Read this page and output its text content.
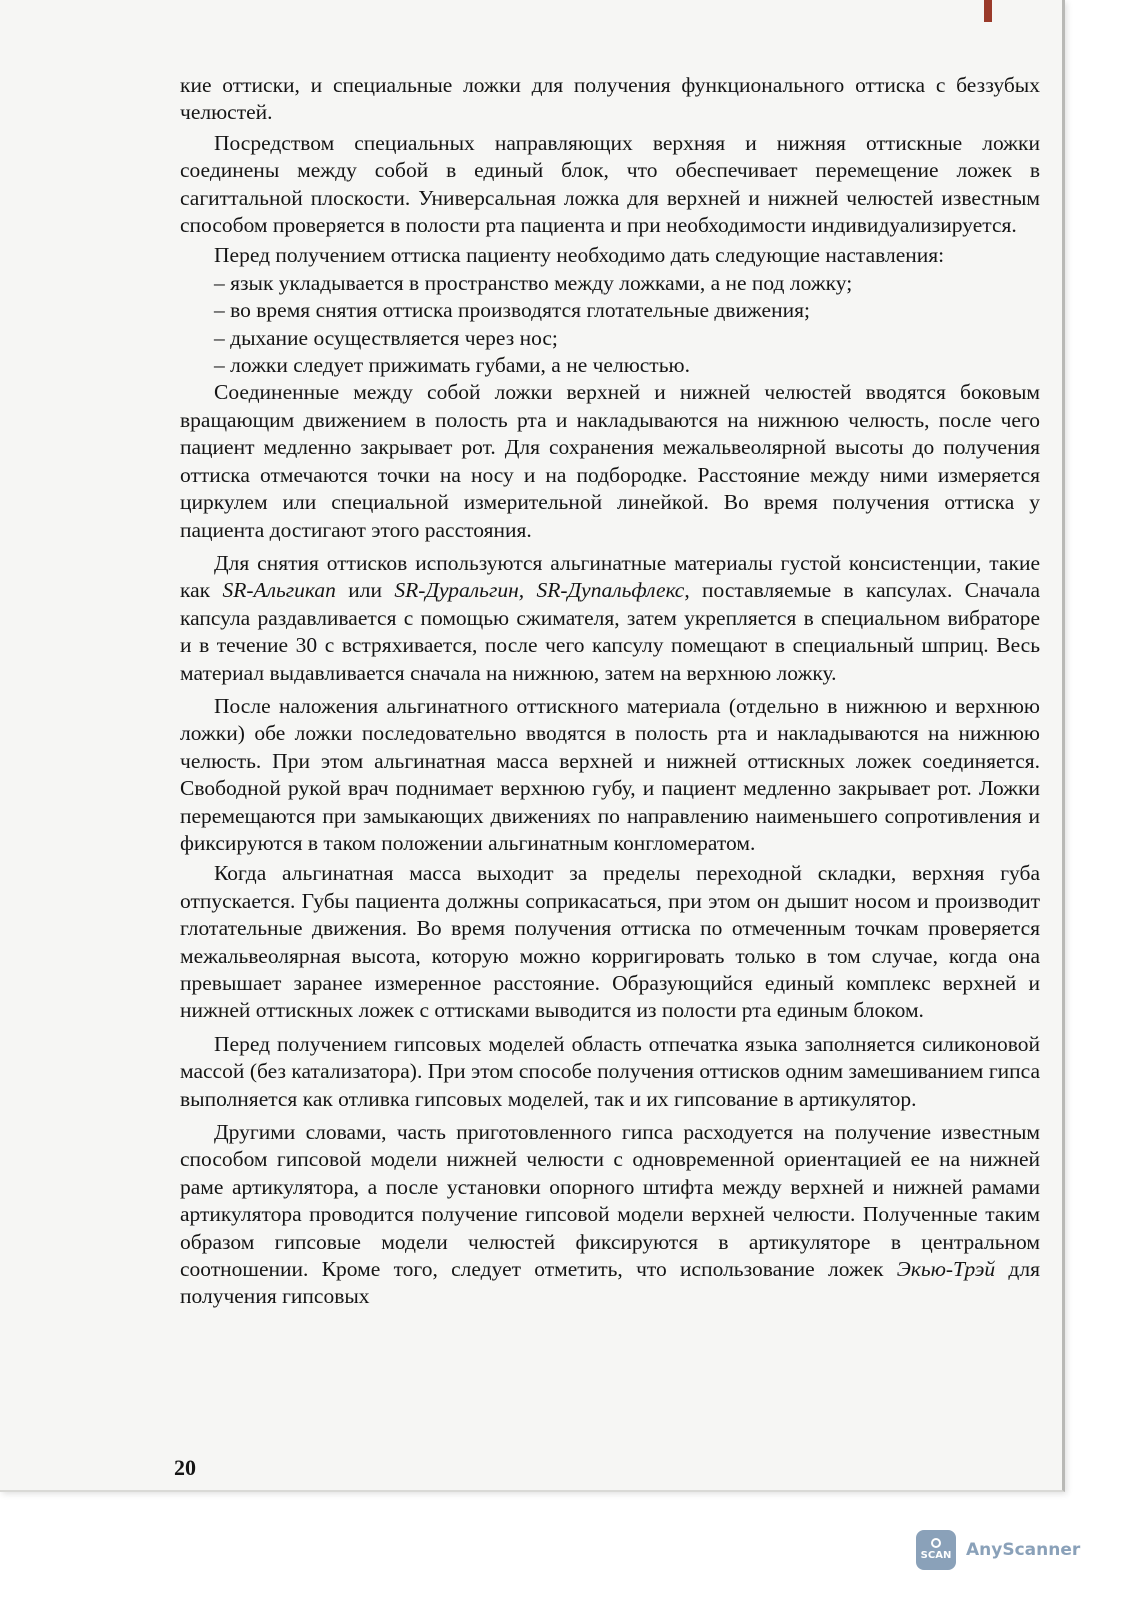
кие оттиски, и специальные ложки для получения функционального оттиска с беззубых челюстей.

Посредством специальных направляющих верхняя и нижняя оттискные ложки соединены между собой в единый блок, что обеспечивает перемещение ложек в сагиттальной плоскости. Универсальная ложка для верхней и нижней челюстей известным способом проверяется в полости рта пациента и при необходимости индивидуализируется.

Перед получением оттиска пациенту необходимо дать следующие наставления:

– язык укладывается в пространство между ложками, а не под ложку;

– во время снятия оттиска производятся глотательные движения;

– дыхание осуществляется через нос;

– ложки следует прижимать губами, а не челюстью.

Соединенные между собой ложки верхней и нижней челюстей вводятся боковым вращающим движением в полость рта и накладываются на нижнюю челюсть, после чего пациент медленно закрывает рот. Для сохранения межальвеолярной высоты до получения оттиска отмечаются точки на носу и на подбородке. Расстояние между ними измеряется циркулем или специальной измерительной линейкой. Во время получения оттиска у пациента достигают этого расстояния.

Для снятия оттисков используются альгинатные материалы густой консистенции, такие как SR-Альгикап или SR-Дуральгин, SR-Дупальфлекс, поставляемые в капсулах. Сначала капсула раздавливается с помощью сжимателя, затем укрепляется в специальном вибраторе и в течение 30 с встряхивается, после чего капсулу помещают в специальный шприц. Весь материал выдавливается сначала на нижнюю, затем на верхнюю ложку.

После наложения альгинатного оттискного материала (отдельно в нижнюю и верхнюю ложки) обе ложки последовательно вводятся в полость рта и накладываются на нижнюю челюсть. При этом альгинатная масса верхней и нижней оттискных ложек соединяется. Свободной рукой врач поднимает верхнюю губу, и пациент медленно закрывает рот. Ложки перемещаются при замыкающих движениях по направлению наименьшего сопротивления и фиксируются в таком положении альгинатным конгломератом.

Когда альгинатная масса выходит за пределы переходной складки, верхняя губа отпускается. Губы пациента должны соприкасаться, при этом он дышит носом и производит глотательные движения. Во время получения оттиска по отмеченным точкам проверяется межальвеолярная высота, которую можно корригировать только в том случае, когда она превышает заранее измеренное расстояние. Образующийся единый комплекс верхней и нижней оттискных ложек с оттисками выводится из полости рта единым блоком.

Перед получением гипсовых моделей область отпечатка языка заполняется силиконовой массой (без катализатора). При этом способе получения оттисков одним замешиванием гипса выполняется как отливка гипсовых моделей, так и их гипсование в артикулятор.

Другими словами, часть приготовленного гипса расходуется на получение известным способом гипсовой модели нижней челюсти с одновременной ориентацией ее на нижней раме артикулятора, а после установки опорного штифта между верхней и нижней рамами артикулятора проводится получение гипсовой модели верхней челюсти. Полученные таким образом гипсовые модели челюстей фиксируются в артикуляторе в центральном соотношении. Кроме того, следует отметить, что использование ложек Экью-Трэй для получения гипсовых

20
SCAN AnyScanner
